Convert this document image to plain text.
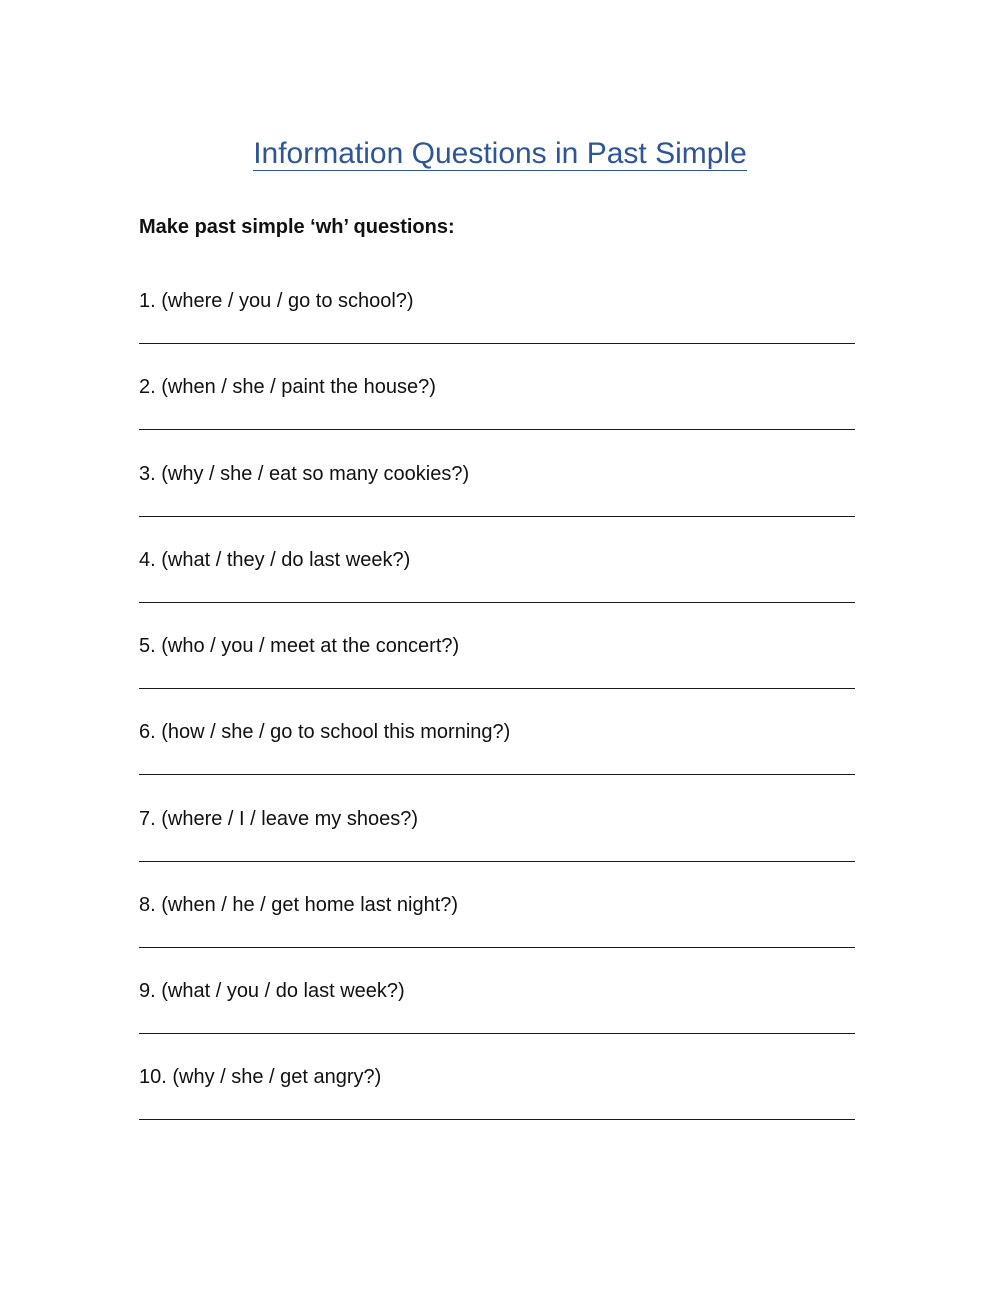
Information Questions in Past Simple

Make past simple ‘wh’ questions:

1. (where / you / go to school?)
2. (when / she / paint the house?)
3. (why / she / eat so many cookies?)
4. (what / they / do last week?)
5. (who / you / meet at the concert?)
6. (how / she / go to school this morning?)
7. (where / I / leave my shoes?)
8. (when / he / get home last night?)
9. (what / you / do last week?)
10. (why / she / get angry?)
